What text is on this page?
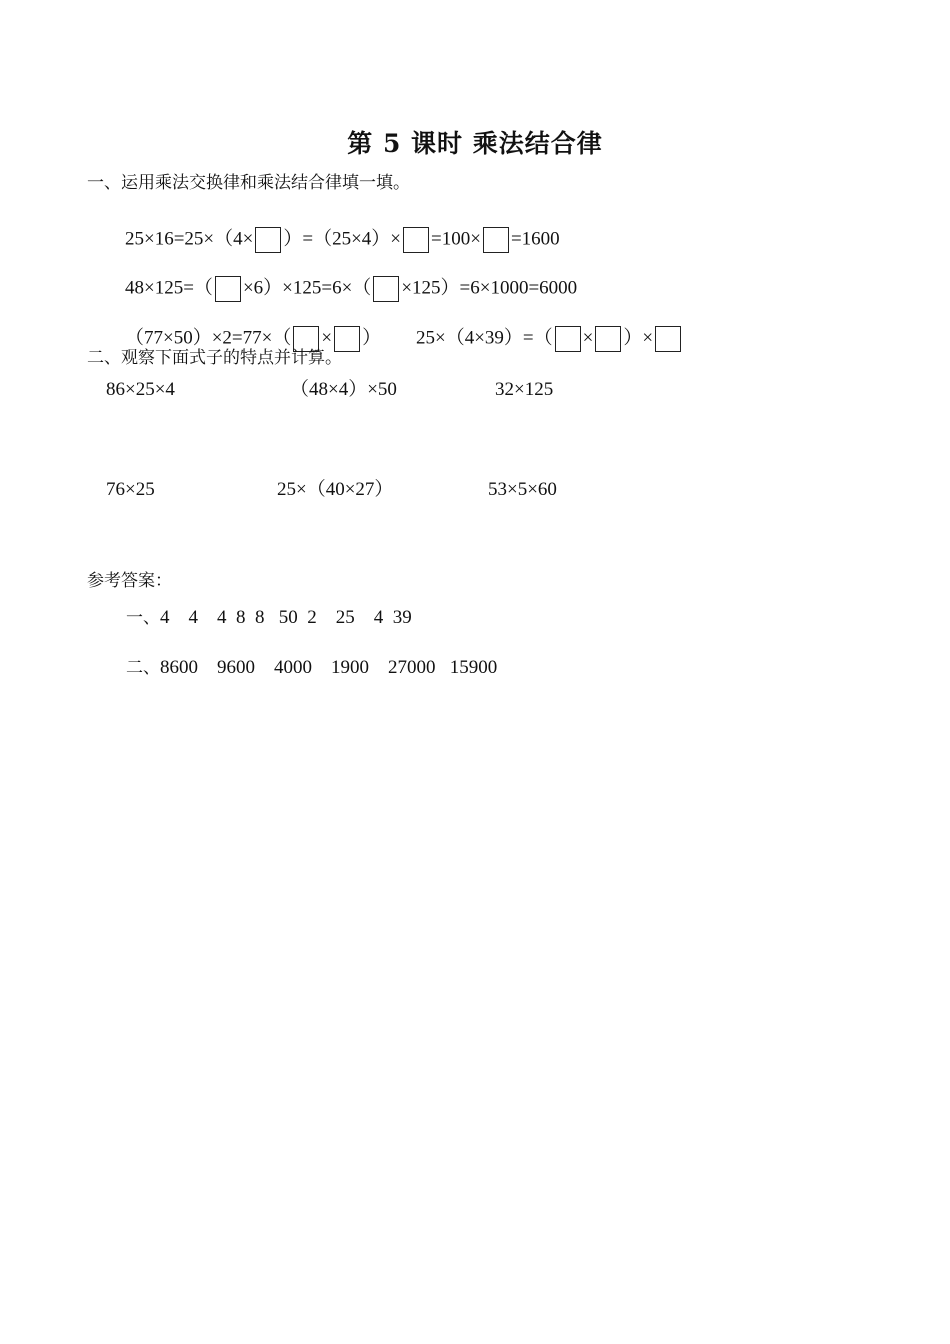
第 5 课时 乘法结合律
一、运用乘法交换律和乘法结合律填一填。

25×16=25×（4× ）=（25×4）× =100× =1600

48×125=（ ×6）×125=6×（ ×125）=6×1000=6000

（77×50）×2=77×（ × ）
	25×（4×39）=（ × ）×

二、观察下面式子的特点并计算。
86×25×4	（48×4）×50	32×125
76×25	25×（40×27）	53×5×60
参考答案：
一、4    4    4  8  8   50  2    25    4  39
二、8600    9600    4000    1900    27000   15900
